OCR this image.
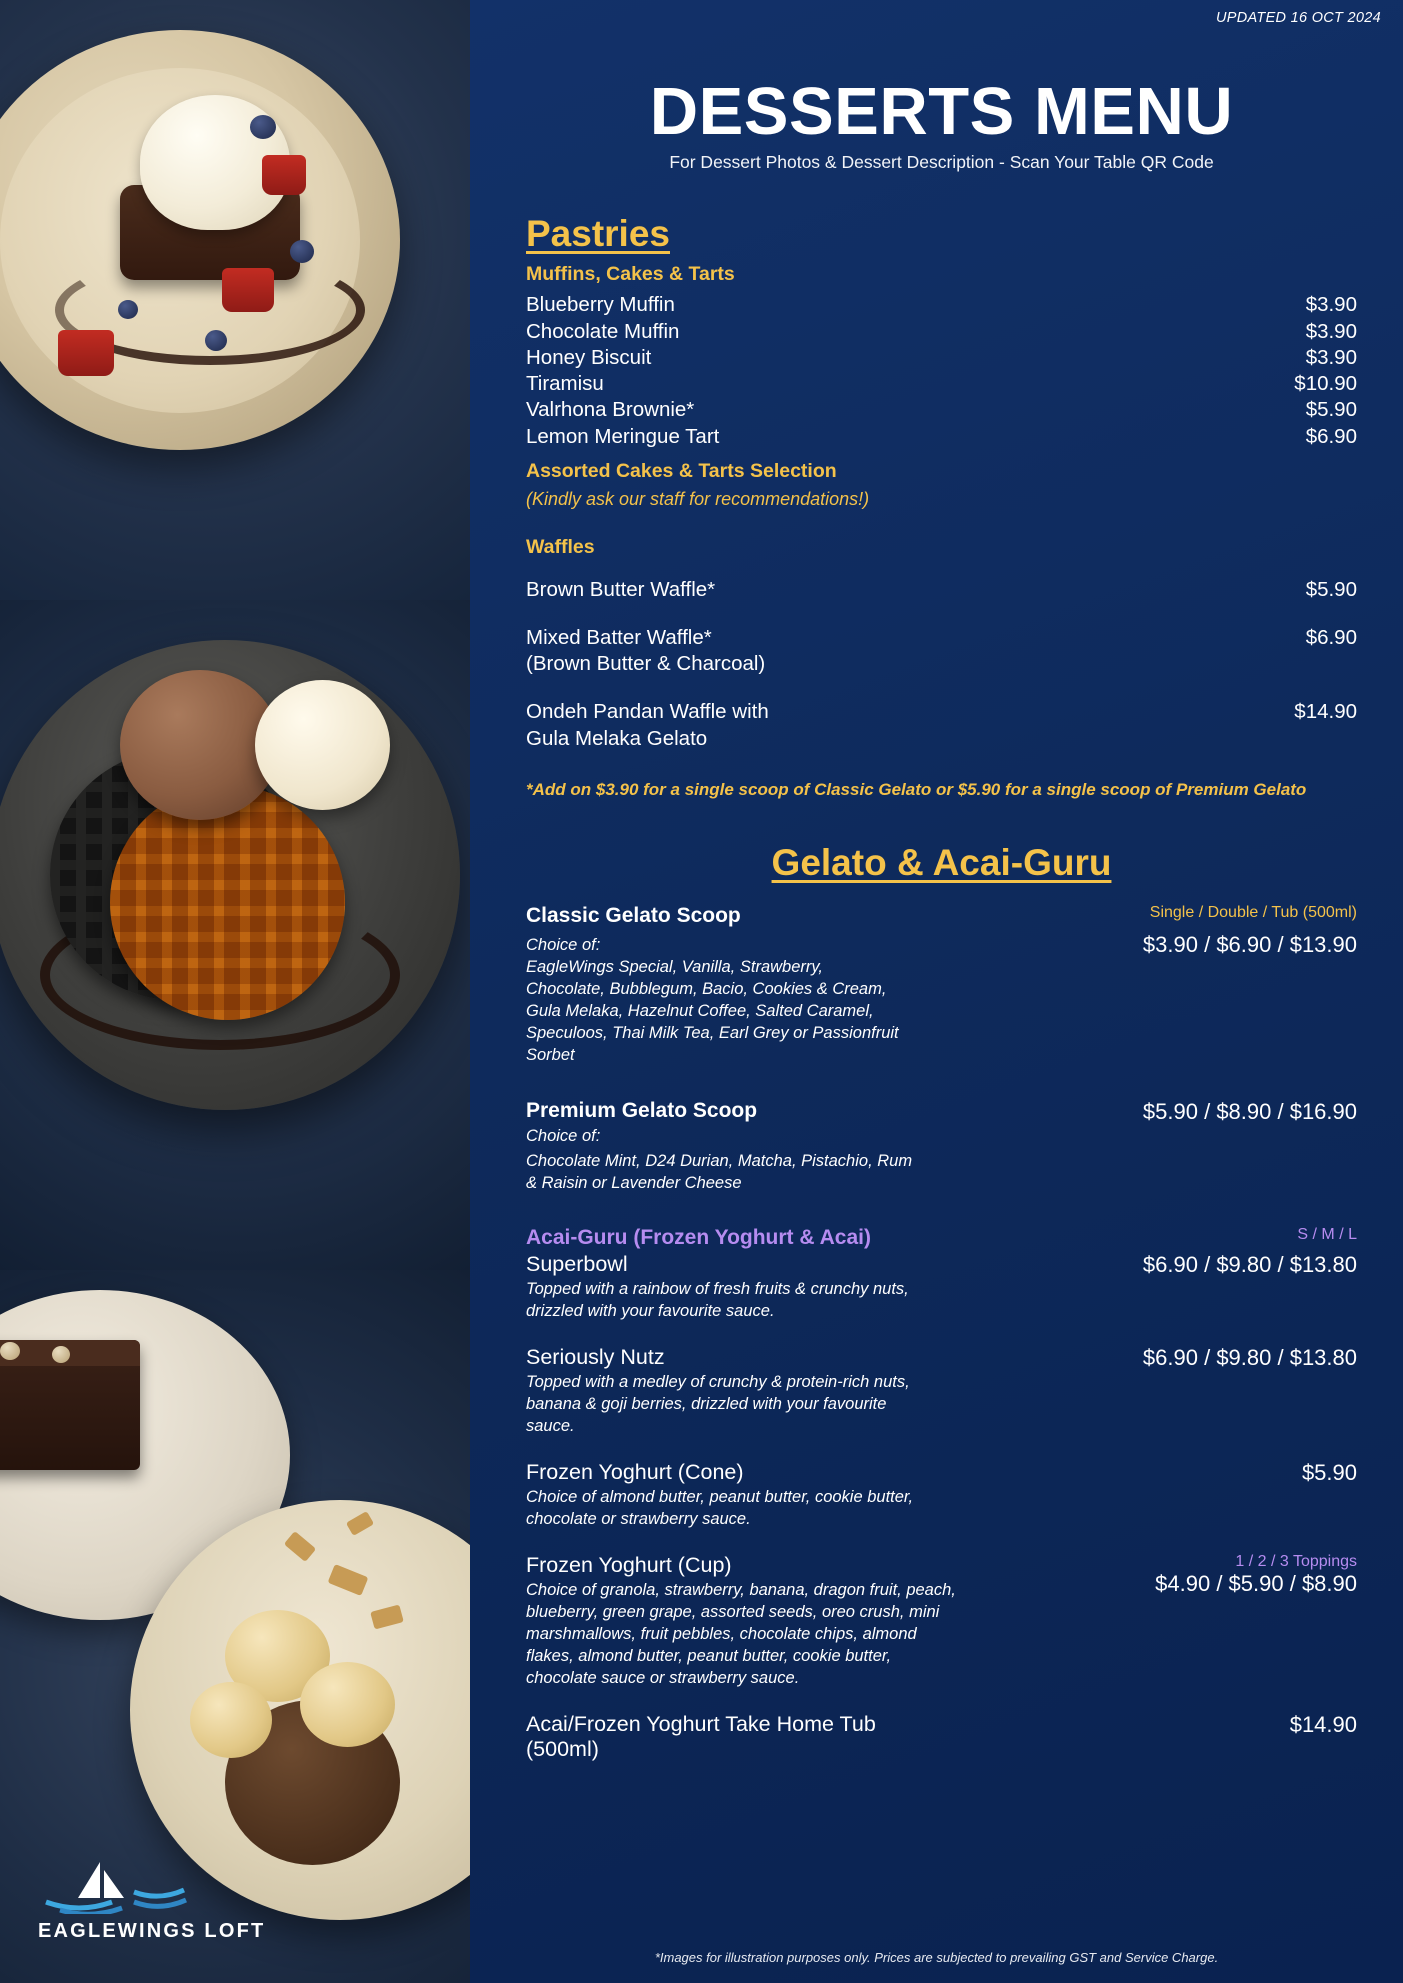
EAGLEWINGS LOFT
UPDATED 16 OCT 2024
DESSERTS MENU
For Dessert Photos & Dessert Description - Scan Your Table QR Code
Pastries
Muffins, Cakes & Tarts
Blueberry Muffin	$3.90
Chocolate Muffin	$3.90
Honey Biscuit	$3.90
Tiramisu	$10.90
Valrhona Brownie*	$5.90
Lemon Meringue Tart	$6.90
Assorted Cakes & Tarts Selection
(Kindly ask our staff for recommendations!)
Waffles
Brown Butter Waffle*	$5.90
Mixed Batter Waffle*	$6.90
(Brown Butter & Charcoal)
Ondeh Pandan Waffle with	$14.90
Gula Melaka Gelato
*Add on $3.90 for a single scoop of Classic Gelato or $5.90 for a single scoop of Premium Gelato
Gelato & Acai-Guru
Classic Gelato Scoop	Single / Double / Tub (500ml)
Choice of:
EagleWings Special, Vanilla, Strawberry, Chocolate, Bubblegum, Bacio, Cookies & Cream, Gula Melaka, Hazelnut Coffee, Salted Caramel, Speculoos, Thai Milk Tea, Earl Grey or Passionfruit Sorbet
$3.90 / $6.90 / $13.90
Premium Gelato Scoop
Choice of:
Chocolate Mint, D24 Durian, Matcha, Pistachio, Rum & Raisin or Lavender Cheese
$5.90 / $8.90 / $16.90
Acai-Guru (Frozen Yoghurt & Acai)	S / M / L
Superbowl
Topped with a rainbow of fresh fruits & crunchy nuts, drizzled with your favourite sauce.
$6.90 / $9.80 / $13.80
Seriously Nutz
Topped with a medley of crunchy & protein-rich nuts, banana & goji berries, drizzled with your favourite sauce.
$6.90 / $9.80 / $13.80
Frozen Yoghurt (Cone)
Choice of almond butter, peanut butter, cookie butter, chocolate or strawberry sauce.
$5.90
Frozen Yoghurt (Cup)
Choice of granola, strawberry, banana, dragon fruit, peach, blueberry, green grape, assorted seeds, oreo crush, mini marshmallows, fruit pebbles, chocolate chips, almond flakes, almond butter, peanut butter, cookie butter, chocolate sauce or strawberry sauce.
1 / 2 / 3 Toppings
$4.90 / $5.90 / $8.90
Acai/Frozen Yoghurt Take Home Tub
(500ml)
$14.90
*Images for illustration purposes only. Prices are subjected to prevailing GST and Service Charge.
